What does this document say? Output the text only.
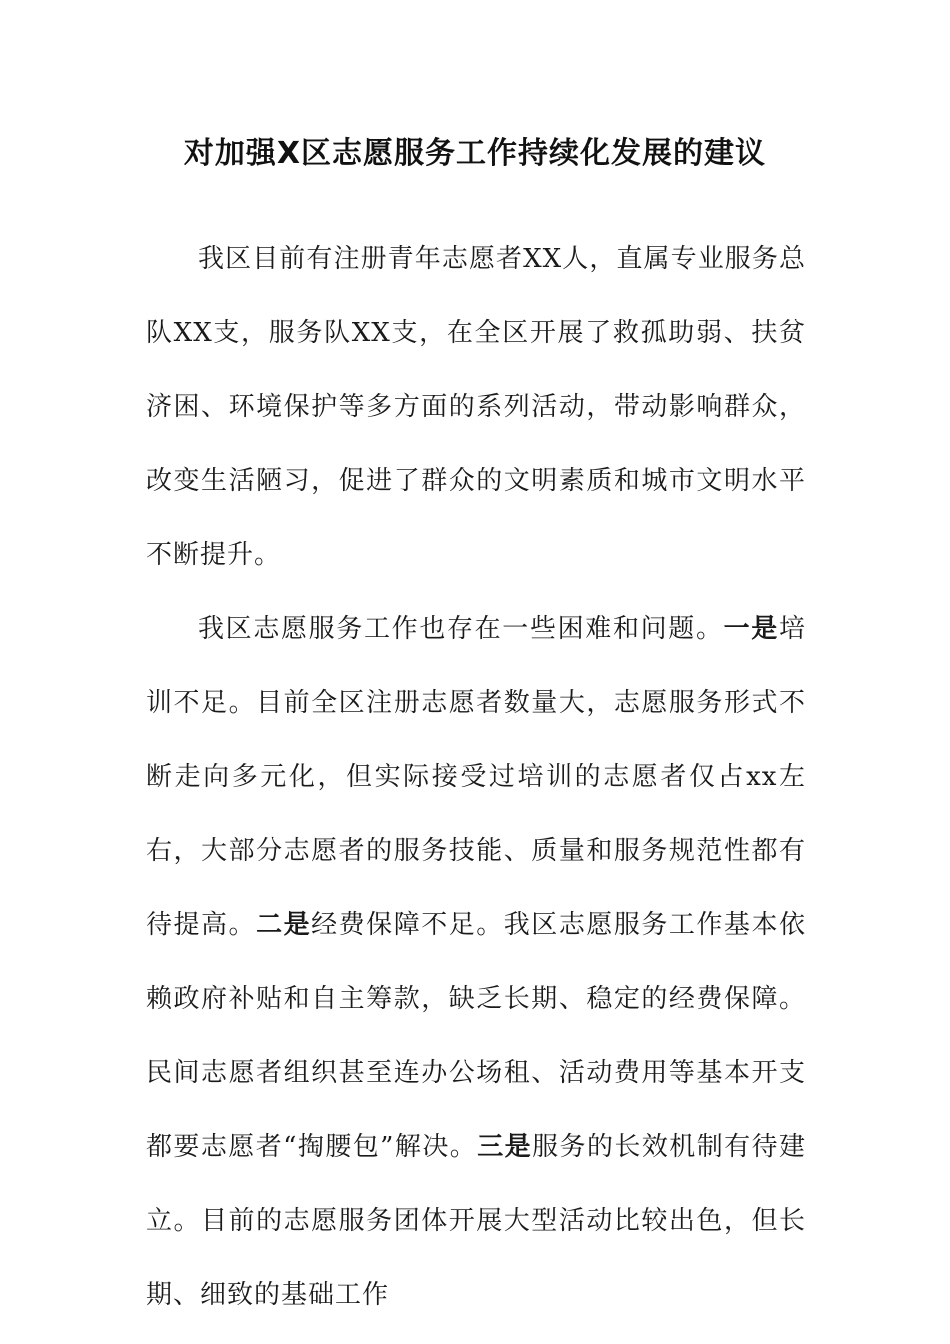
对加强X区志愿服务工作持续化发展的建议

我区目前有注册青年志愿者XX人，直属专业服务总队XX支，服务队XX支，在全区开展了救孤助弱、扶贫济困、环境保护等多方面的系列活动，带动影响群众，改变生活陋习，促进了群众的文明素质和城市文明水平不断提升。

我区志愿服务工作也存在一些困难和问题。一是培训不足。目前全区注册志愿者数量大，志愿服务形式不断走向多元化，但实际接受过培训的志愿者仅占xx左右，大部分志愿者的服务技能、质量和服务规范性都有待提高。二是经费保障不足。我区志愿服务工作基本依赖政府补贴和自主筹款，缺乏长期、稳定的经费保障。民间志愿者组织甚至连办公场租、活动费用等基本开支都要志愿者“掏腰包”解决。三是服务的长效机制有待建立。目前的志愿服务团体开展大型活动比较出色，但长期、细致的基础工作
